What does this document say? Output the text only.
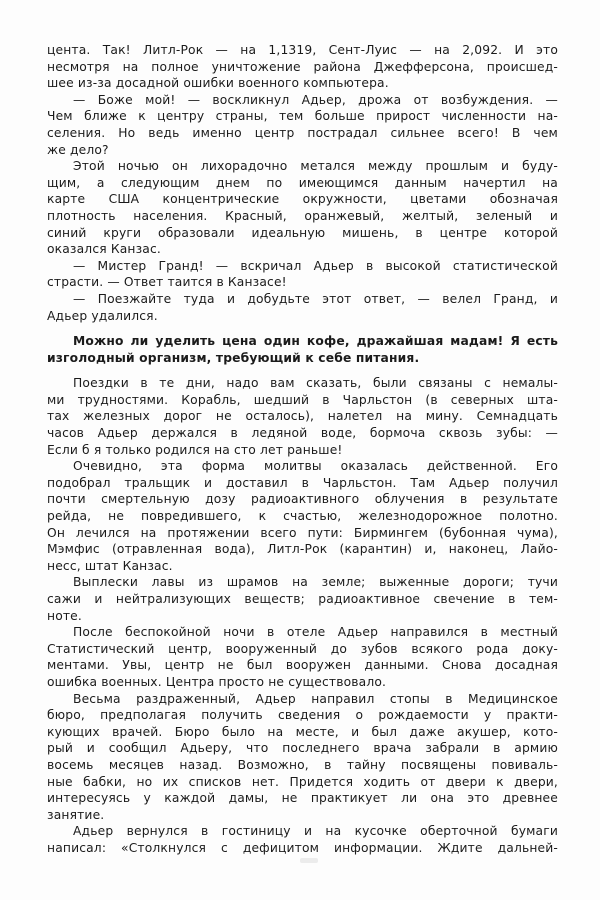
цента. Так! Литл-Рок — на 1,1319, Сент-Луис — на 2,092. И это
несмотря на полное уничтожение района Джефферсона, происшед-
шее из-за досадной ошибки военного компьютера.
— Боже мой! — воскликнул Адьер, дрожа от возбуждения. —
Чем ближе к центру страны, тем больше прирост численности на-
селения. Но ведь именно центр пострадал сильнее всего! В чем
же дело?
Этой ночью он лихорадочно метался между прошлым и буду-
щим, а следующим днем по имеющимся данным начертил на
карте США концентрические окружности, цветами обозначая
плотность населения. Красный, оранжевый, желтый, зеленый и
синий круги образовали идеальную мишень, в центре которой
оказался Канзас.
— Мистер Гранд! — вскричал Адьер в высокой статистической
страсти. — Ответ таится в Канзасе!
— Поезжайте туда и добудьте этот ответ, — велел Гранд, и
Адьер удалился.
Можно ли уделить цена один кофе, дражайшая мадам! Я есть
изголодный организм, требующий к себе питания.
Поездки в те дни, надо вам сказать, были связаны с немалы-
ми трудностями. Корабль, шедший в Чарльстон (в северных шта-
тах железных дорог не осталось), налетел на мину. Семнадцать
часов Адьер держался в ледяной воде, бормоча сквозь зубы: —
Если б я только родился на сто лет раньше!
Очевидно, эта форма молитвы оказалась действенной. Его
подобрал тральщик и доставил в Чарльстон. Там Адьер получил
почти смертельную дозу радиоактивного облучения в результате
рейда, не повредившего, к счастью, железнодорожное полотно.
Он лечился на протяжении всего пути: Бирмингем (бубонная чума),
Мэмфис (отравленная вода), Литл-Рок (карантин) и, наконец, Лайо-
несс, штат Канзас.
Выплески лавы из шрамов на земле; выженные дороги; тучи
сажи и нейтрализующих веществ; радиоактивное свечение в тем-
ноте.
После беспокойной ночи в отеле Адьер направился в местный
Статистический центр, вооруженный до зубов всякого рода доку-
ментами. Увы, центр не был вооружен данными. Снова досадная
ошибка военных. Центра просто не существовало.
Весьма раздраженный, Адьер направил стопы в Медицинское
бюро, предполагая получить сведения о рождаемости у практи-
кующих врачей. Бюро было на месте, и был даже акушер, кото-
рый и сообщил Адьеру, что последнего врача забрали в армию
восемь месяцев назад. Возможно, в тайну посвящены повиваль-
ные бабки, но их списков нет. Придется ходить от двери к двери,
интересуясь у каждой дамы, не практикует ли она это древнее
занятие.
Адьер вернулся в гостиницу и на кусочке оберточной бумаги
написал: «Столкнулся с дефицитом информации. Ждите дальней-
